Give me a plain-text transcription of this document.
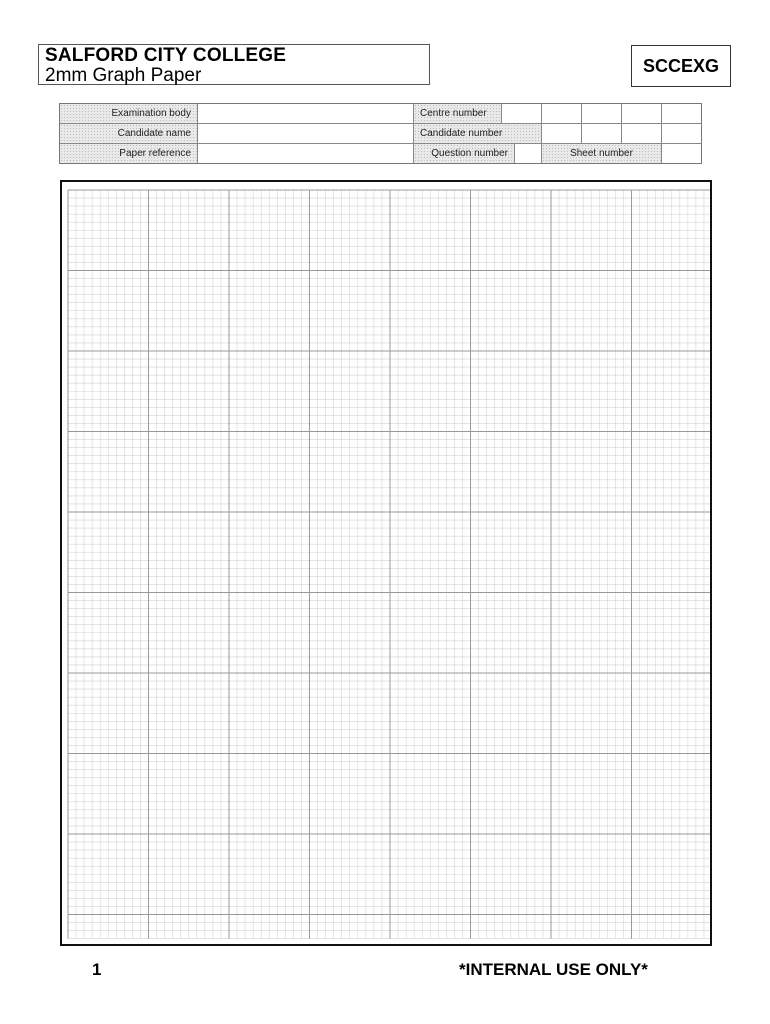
SALFORD CITY COLLEGE
2mm Graph Paper	SCCEXG
Examination body	Centre number
Candidate name	Candidate number
Paper reference	Question number	Sheet number
1	*INTERNAL USE ONLY*
